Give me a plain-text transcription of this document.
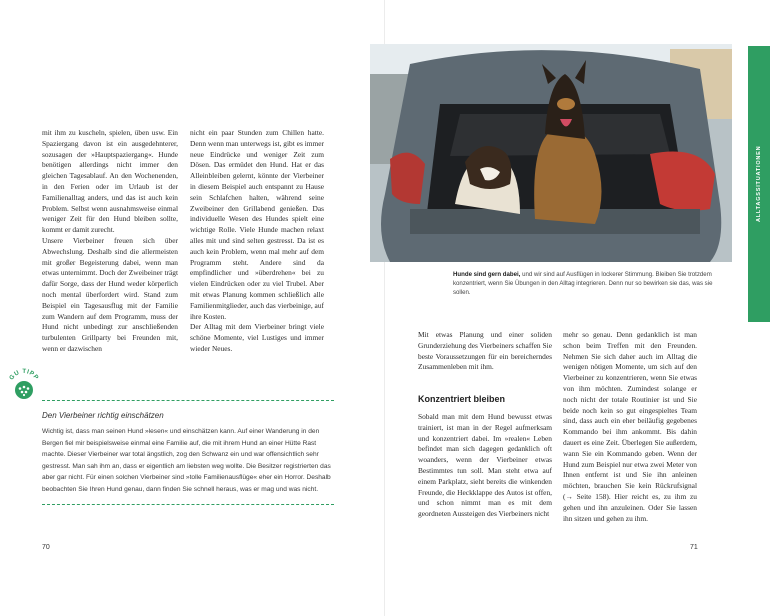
mit ihm zu kuscheln, spielen, üben usw. Ein Spaziergang davon ist ein ausgedehnterer, sozusagen der »Hauptspaziergang«. Hunde benötigen allerdings nicht immer den gleichen Tagesablauf. An den Wochenenden, in den Ferien oder im Urlaub ist der Familienalltag anders, und das ist auch kein Problem. Selbst wenn ausnahmsweise einmal weniger Zeit für den Hund bleiben sollte, kommt er damit zurecht.

Unsere Vierbeiner freuen sich über Abwechslung. Deshalb sind die allermeisten mit großer Begeisterung dabei, wenn man etwas unternimmt. Doch der Zweibeiner trägt dafür Sorge, dass der Hund weder körperlich noch mental überfordert wird. Stand zum Beispiel ein Tagesausflug mit der Familie zum Wandern auf dem Programm, muss der Hund nicht unbedingt zur anschließenden turbulenten Grillparty bei Freunden mit, wenn er dazwischen

nicht ein paar Stunden zum Chillen hatte. Denn wenn man unterwegs ist, gibt es immer neue Eindrücke und weniger Zeit zum Dösen. Das ermüdet den Hund. Hat er das Alleinbleiben gelernt, könnte der Vierbeiner in diesem Beispiel auch entspannt zu Hause sein Schlafchen halten, während seine Zweibeiner den Grillabend genießen. Das individuelle Wesen des Hundes spielt eine wichtige Rolle. Viele Hunde machen relaxt alles mit und sind selten gestresst. Da ist es auch kein Problem, wenn mal mehr auf dem Programm steht. Andere sind da empfindlicher und »überdrehen« bei zu vielen Eindrücken oder zu viel Trubel. Aber mit etwas Planung kommen schließlich alle Familienmitglieder, auch das vierbeinige, auf ihre Kosten.

Der Alltag mit dem Vierbeiner bringt viele schöne Momente, viel Lustiges und immer wieder Neues.

GU TIPP

Den Vierbeiner richtig einschätzen

Wichtig ist, dass man seinen Hund »lesen« und einschätzen kann. Auf einer Wanderung in den Bergen fiel mir beispielsweise einmal eine Familie auf, die mit ihrem Hund an einer Hütte Rast machte. Dieser Vierbeiner war total ängstlich, zog den Schwanz ein und war offensichtlich sehr gestresst. Man sah ihm an, dass er eigentlich am liebsten weg wollte. Die Besitzer registrierten das aber gar nicht. Für einen solchen Vierbeiner sind »tolle Familienausflüge« eher ein Horror. Deshalb beobachten Sie Ihren Hund genau, dann finden Sie schnell heraus, was er mag und was nicht.

70
Hunde sind gern dabei, und wir sind auf Ausflügen in lockerer Stimmung. Bleiben Sie trotzdem konzentriert, wenn Sie Übungen in den Alltag integrieren. Denn nur so bewirken sie das, was sie sollen.
ALLTAGSSITUATIONEN

Mit etwas Planung und einer soliden Grunderziehung des Vierbeiners schaffen Sie beste Voraussetzungen für ein bereicherndes Zusammenleben mit ihm.

Konzentriert bleiben

Sobald man mit dem Hund bewusst etwas trainiert, ist man in der Regel aufmerksam und konzentriert dabei. Im »realen« Leben befindet man sich dagegen gedanklich oft woanders, wenn der Vierbeiner etwas Bestimmtes tun soll. Man steht etwa auf einem Parkplatz, sieht bereits die winkenden Freunde, die Heckklappe des Autos ist offen, und schon nimmt man es mit dem geordneten Aussteigen des Vierbeiners nicht

mehr so genau. Denn gedanklich ist man schon beim Treffen mit den Freunden. Nehmen Sie sich daher auch im Alltag die wenigen nötigen Momente, um sich auf den Vierbeiner zu konzentrieren, wenn Sie etwas von ihm möchten. Zumindest solange er noch nicht der totale Routinier ist und Sie beide noch kein so gut eingespieltes Team sind, dass auch ein eher beiläufig gegebenes Kommando bei ihm ankommt. Bis dahin dauert es eine Zeit. Überlegen Sie außerdem, wann Sie ein Kommando geben. Wenn der Hund zum Beispiel nur etwa zwei Meter von Ihnen entfernt ist und Sie ihn anleinen möchten, brauchen Sie kein Rückrufsignal (→ Seite 158). Hier reicht es, zu ihm zu gehen und ihn anzuleinen. Oder Sie lassen ihn sitzen und gehen zu ihm.

71
